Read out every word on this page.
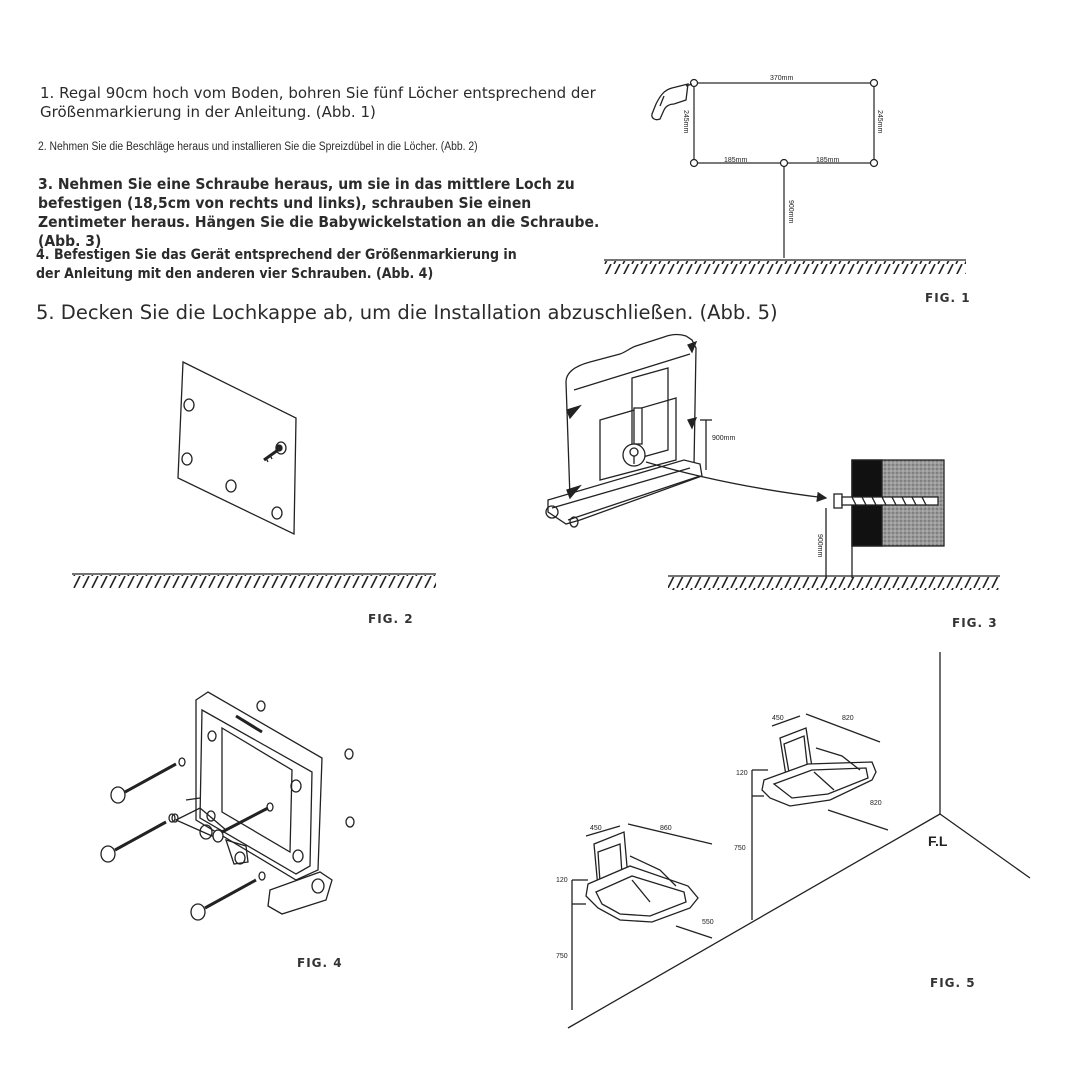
1. Regal 90cm hoch vom Boden, bohren Sie fünf Löcher entsprechend der Größenmarkierung in der Anleitung. (Abb. 1)

2. Nehmen Sie die Beschläge heraus und installieren Sie die Spreizdübel in die Löcher. (Abb. 2)

3. Nehmen Sie eine Schraube heraus, um sie in das mittlere Loch zu befestigen (18,5cm von rechts und links), schrauben Sie einen Zentimeter heraus. Hängen Sie die Babywickelstation an die Schraube. (Abb. 3)

4. Befestigen Sie das Gerät entsprechend der Größenmarkierung in der Anleitung mit den anderen vier Schrauben. (Abb. 4)

5. Decken Sie die Lochkappe ab, um die Installation abzuschließen. (Abb. 5)

FIG. 1
FIG. 2	FIG. 3
FIG. 4
FIG. 5
370mm
245mm	245mm
185mm	185mm
900mm
900mm
900mm
450	820
820
120
750
450	860
550
120
750
F.L
